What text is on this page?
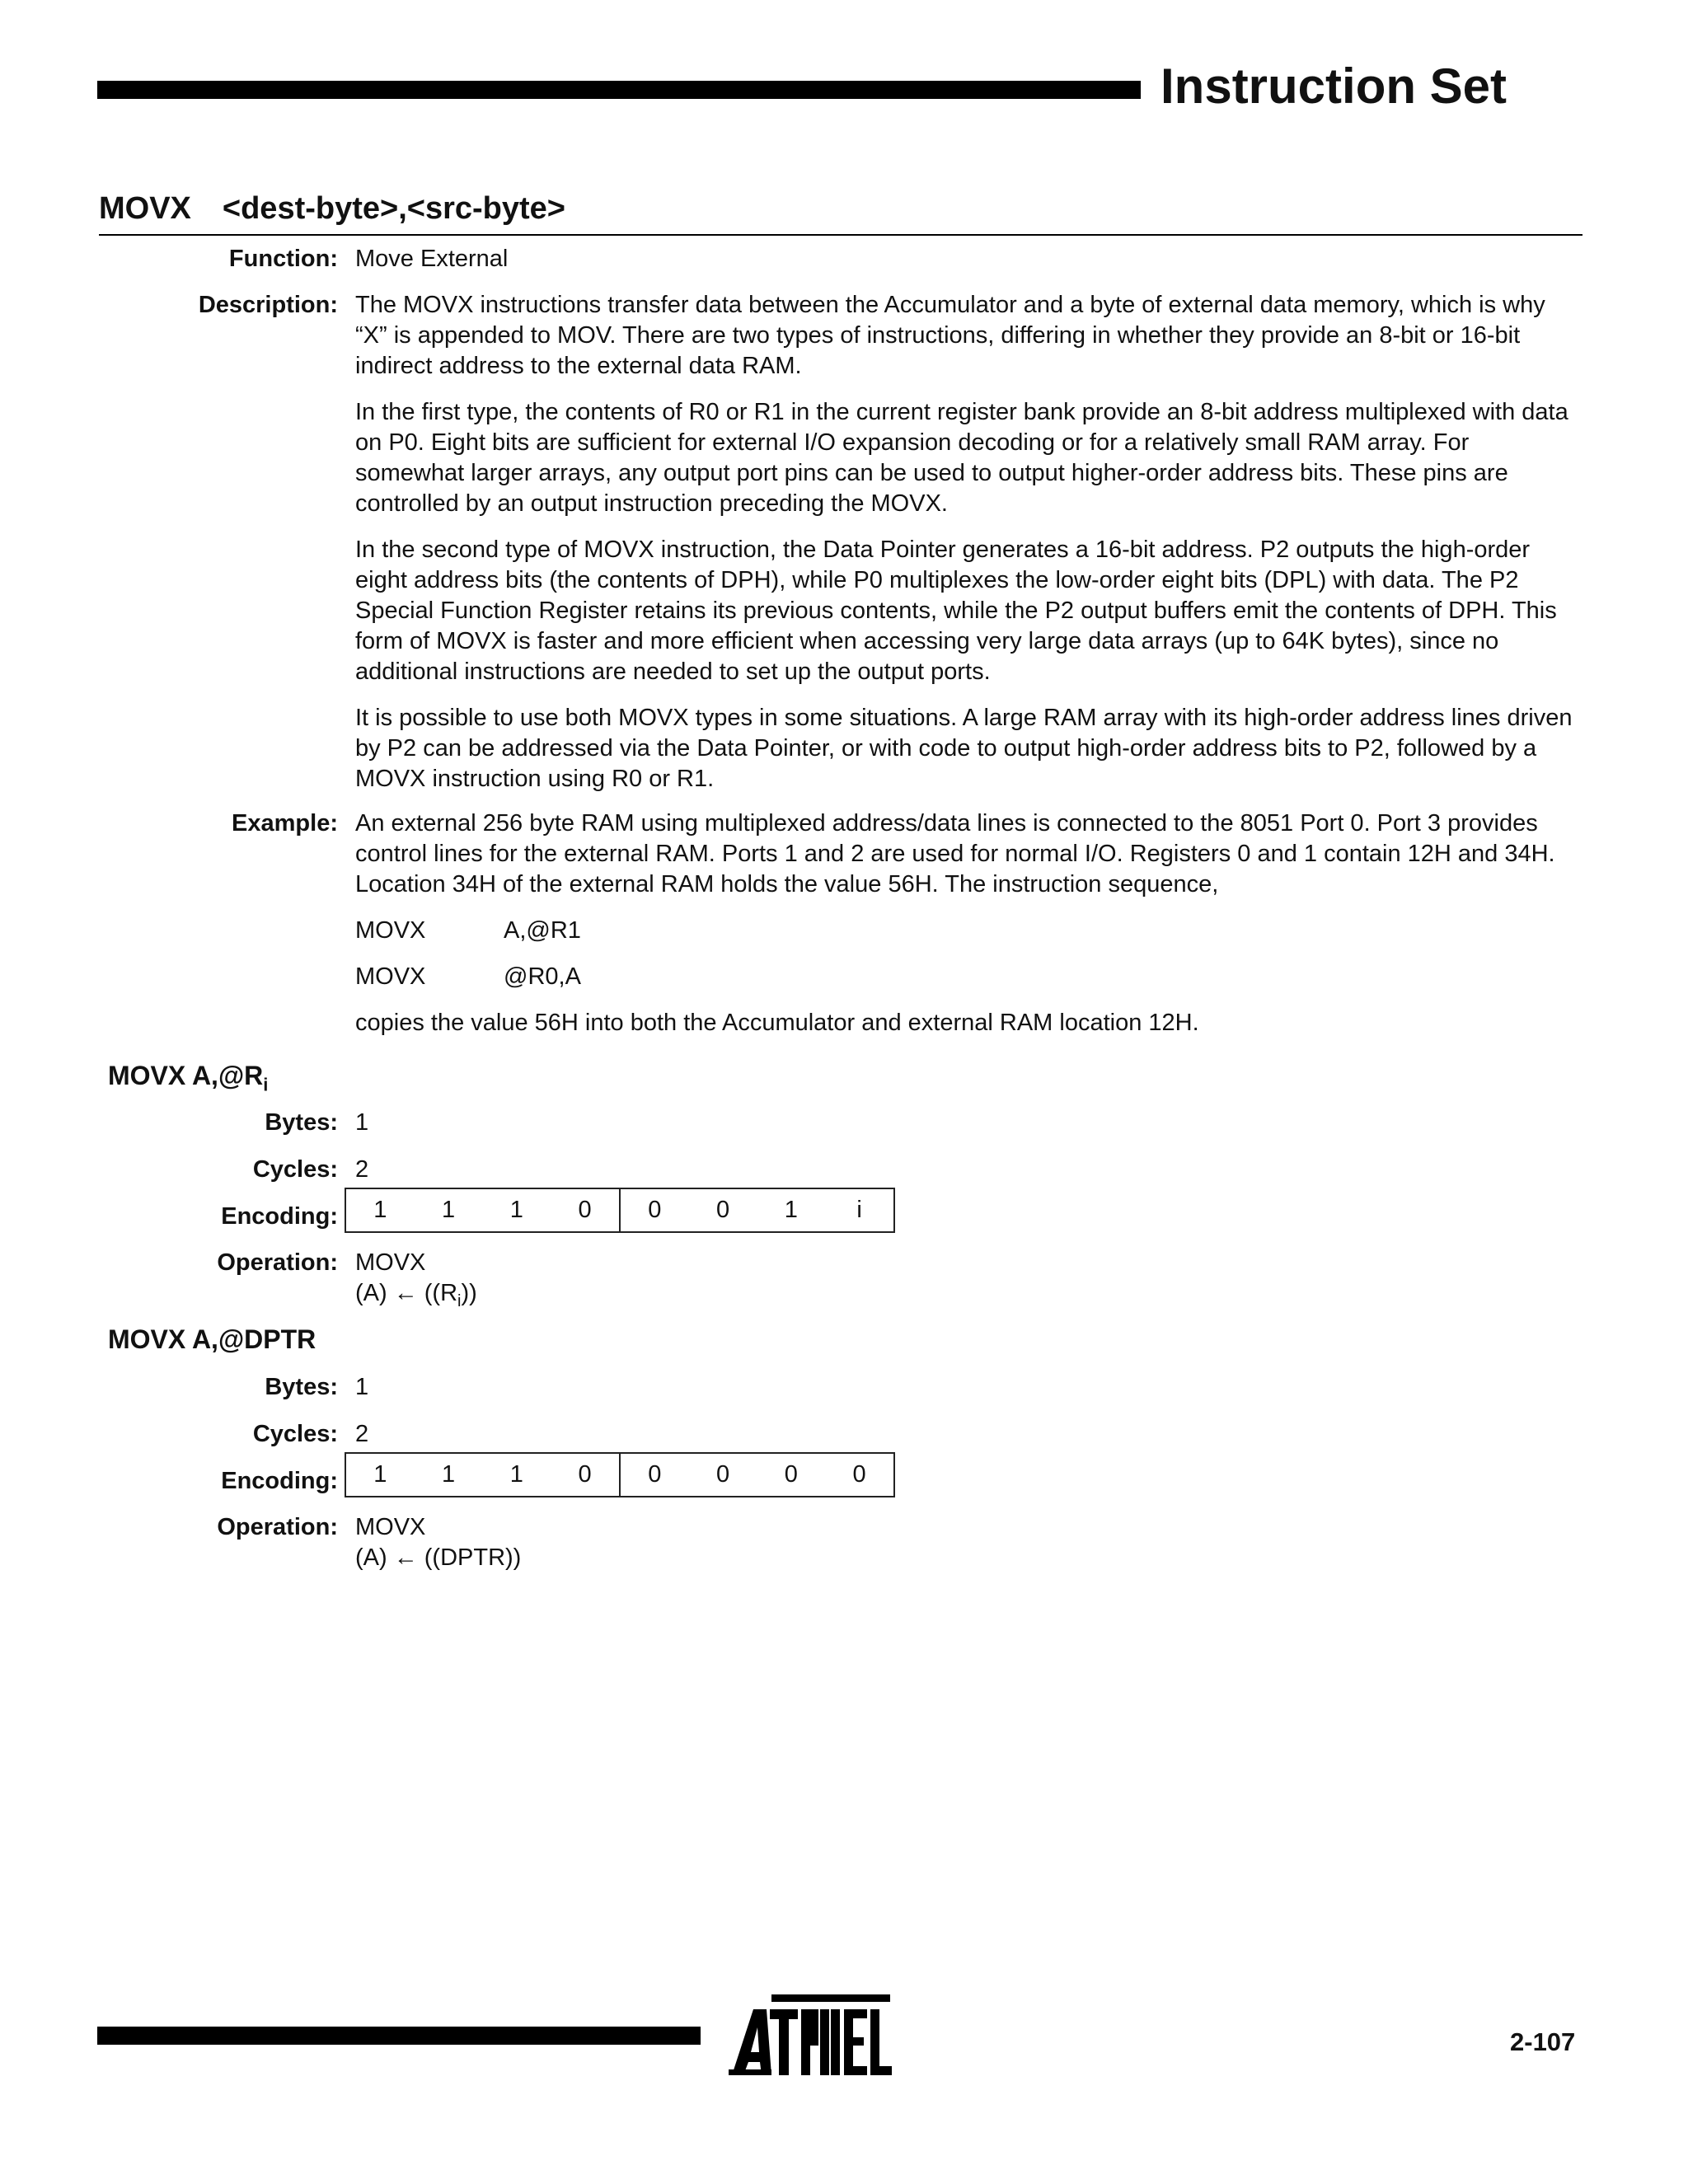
Instruction Set
MOVX <dest-byte>,<src-byte>
Function: Move External
Description: The MOVX instructions transfer data between the Accumulator and a byte of external data memory, which is why “X” is appended to MOV. There are two types of instructions, differing in whether they provide an 8-bit or 16-bit indirect address to the external data RAM.

In the first type, the contents of R0 or R1 in the current register bank provide an 8-bit address multiplexed with data on P0. Eight bits are sufficient for external I/O expansion decoding or for a relatively small RAM array. For somewhat larger arrays, any output port pins can be used to output higher-order address bits. These pins are controlled by an output instruction preceding the MOVX.

In the second type of MOVX instruction, the Data Pointer generates a 16-bit address. P2 outputs the high-order eight address bits (the contents of DPH), while P0 multiplexes the low-order eight bits (DPL) with data. The P2 Special Function Register retains its previous contents, while the P2 output buffers emit the contents of DPH. This form of MOVX is faster and more efficient when accessing very large data arrays (up to 64K bytes), since no additional instructions are needed to set up the output ports.

It is possible to use both MOVX types in some situations. A large RAM array with its high-order address lines driven by P2 can be addressed via the Data Pointer, or with code to output high-order address bits to P2, followed by a MOVX instruction using R0 or R1.

Example: An external 256 byte RAM using multiplexed address/data lines is connected to the 8051 Port 0. Port 3 provides control lines for the external RAM. Ports 1 and 2 are used for normal I/O. Registers 0 and 1 contain 12H and 34H. Location 34H of the external RAM holds the value 56H. The instruction sequence,

MOVX	A,@R1
MOVX	@R0,A

copies the value 56H into both the Accumulator and external RAM location 12H.

MOVX $A,@R_i$
Bytes: 1
Cycles: 2
Encoding:	1	1	1	0	0	0	1	i
Operation: MOVX
(A) ← $((R_i))$
MOVX A,@DPTR
Bytes: 1
Cycles: 2
Encoding:	1	1	1	0	0	0	0	0
Operation: MOVX
(A) ← ((DPTR))
2-107
